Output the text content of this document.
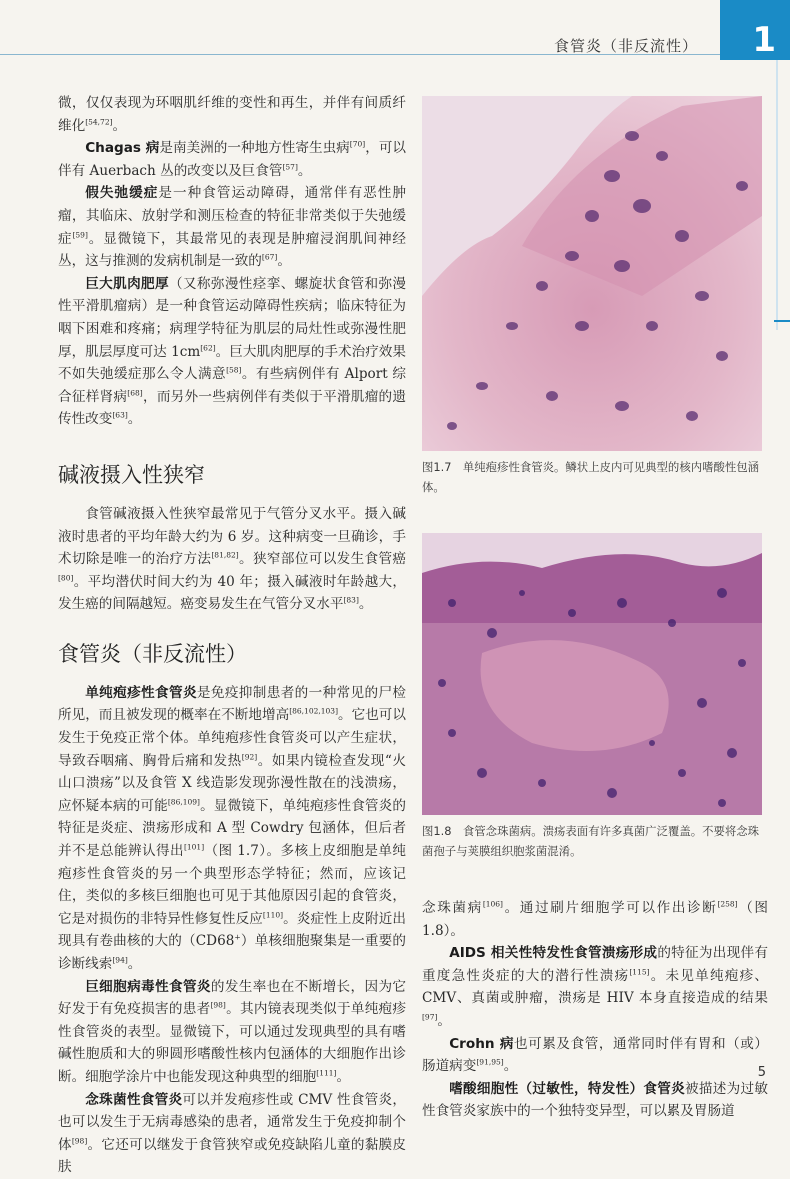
食管炎（非反流性）	1

微，仅仅表现为环咽肌纤维的变性和再生，并伴有间质纤维化[54,72]。

Chagas 病是南美洲的一种地方性寄生虫病[70]，可以伴有 Auerbach 丛的改变以及巨食管[57]。

假失弛缓症是一种食管运动障碍，通常伴有恶性肿瘤，其临床、放射学和测压检查的特征非常类似于失弛缓症[59]。显微镜下，其最常见的表现是肿瘤浸润肌间神经丛，这与推测的发病机制是一致的[67]。

巨大肌肉肥厚（又称弥漫性痉挛、螺旋状食管和弥漫性平滑肌瘤病）是一种食管运动障碍性疾病；临床特征为咽下困难和疼痛；病理学特征为肌层的局灶性或弥漫性肥厚，肌层厚度可达 1cm[62]。巨大肌肉肥厚的手术治疗效果不如失弛缓症那么令人满意[58]。有些病例伴有 Alport 综合征样肾病[68]，而另外一些病例伴有类似于平滑肌瘤的遗传性改变[63]。

碱液摄入性狭窄

食管碱液摄入性狭窄最常见于气管分叉水平。摄入碱液时患者的平均年龄大约为 6 岁。这种病变一旦确诊，手术切除是唯一的治疗方法[81,82]。狭窄部位可以发生食管癌[80]。平均潜伏时间大约为 40 年；摄入碱液时年龄越大，发生癌的间隔越短。癌变易发生在气管分叉水平[83]。

食管炎（非反流性）

单纯疱疹性食管炎是免疫抑制患者的一种常见的尸检所见，而且被发现的概率在不断地增高[86,102,103]。它也可以发生于免疫正常个体。单纯疱疹性食管炎可以产生症状，导致吞咽痛、胸骨后痛和发热[92]。如果内镜检查发现“火山口溃疡”以及食管 X 线造影发现弥漫性散在的浅溃疡，应怀疑本病的可能[86,109]。显微镜下，单纯疱疹性食管炎的特征是炎症、溃疡形成和 A 型 Cowdry 包涵体，但后者并不是总能辨认得出[101]（图 1.7）。多核上皮细胞是单纯疱疹性食管炎的另一个典型形态学特征；然而，应该记住，类似的多核巨细胞也可见于其他原因引起的食管炎，它是对损伤的非特异性修复性反应[110]。炎症性上皮附近出现具有卷曲核的大的（CD68+）单核细胞聚集是一重要的诊断线索[94]。

巨细胞病毒性食管炎的发生率也在不断增长，因为它好发于有免疫损害的患者[98]。其内镜表现类似于单纯疱疹性食管炎的表型。显微镜下，可以通过发现典型的具有嗜碱性胞质和大的卵圆形嗜酸性核内包涵体的大细胞作出诊断。细胞学涂片中也能发现这种典型的细胞[111]。

念珠菌性食管炎可以并发疱疹性或 CMV 性食管炎，也可以发生于无病毒感染的患者，通常发生于免疫抑制个体[98]。它还可以继发于食管狭窄或免疫缺陷儿童的黏膜皮肤

图1.7　单纯疱疹性食管炎。鳞状上皮内可见典型的核内嗜酸性包涵体。
图1.8　食管念珠菌病。溃疡表面有许多真菌广泛覆盖。不要将念珠菌孢子与荚膜组织胞浆菌混淆。

念珠菌病[106]。通过刷片细胞学可以作出诊断[258]（图 1.8）。

AIDS 相关性特发性食管溃疡形成的特征为出现伴有重度急性炎症的大的潜行性溃疡[115]。未见单纯疱疹、CMV、真菌或肿瘤，溃疡是 HIV 本身直接造成的结果[97]。

Crohn 病也可累及食管，通常同时伴有胃和（或）肠道病变[91,95]。

嗜酸细胞性（过敏性，特发性）食管炎被描述为过敏性食管炎家族中的一个独特变异型，可以累及胃肠道

5
